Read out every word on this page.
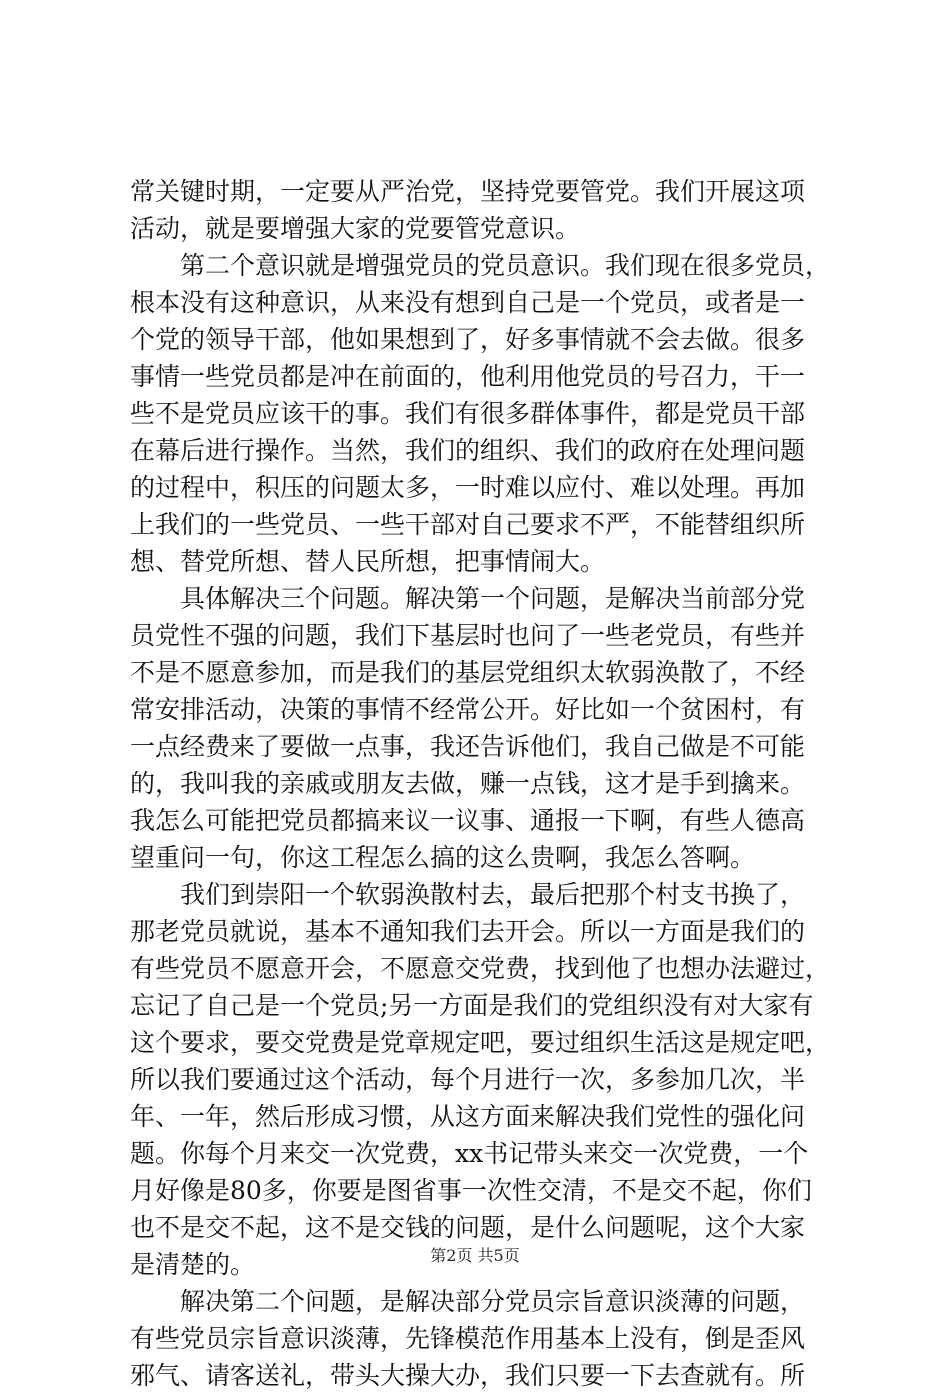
常关键时期，一定要从严治党，坚持党要管党。我们开展这项
活动，就是要增强大家的党要管党意识。
第二个意识就是增强党员的党员意识。我们现在很多党员，
根本没有这种意识，从来没有想到自己是一个党员，或者是一
个党的领导干部，他如果想到了，好多事情就不会去做。很多
事情一些党员都是冲在前面的，他利用他党员的号召力，干一
些不是党员应该干的事。我们有很多群体事件，都是党员干部
在幕后进行操作。当然，我们的组织、我们的政府在处理问题
的过程中，积压的问题太多，一时难以应付、难以处理。再加
上我们的一些党员、一些干部对自己要求不严，不能替组织所
想、替党所想、替人民所想，把事情闹大。
具体解决三个问题。解决第一个问题，是解决当前部分党
员党性不强的问题，我们下基层时也问了一些老党员，有些并
不是不愿意参加，而是我们的基层党组织太软弱涣散了，不经
常安排活动，决策的事情不经常公开。好比如一个贫困村，有
一点经费来了要做一点事，我还告诉他们，我自己做是不可能
的，我叫我的亲戚或朋友去做，赚一点钱，这才是手到擒来。
我怎么可能把党员都搞来议一议事、通报一下啊，有些人德高
望重问一句，你这工程怎么搞的这么贵啊，我怎么答啊。
我们到崇阳一个软弱涣散村去，最后把那个村支书换了，
那老党员就说，基本不通知我们去开会。所以一方面是我们的
有些党员不愿意开会，不愿意交党费，找到他了也想办法避过，
忘记了自己是一个党员;另一方面是我们的党组织没有对大家有
这个要求，要交党费是党章规定吧，要过组织生活这是规定吧，
所以我们要通过这个活动，每个月进行一次，多参加几次，半
年、一年，然后形成习惯，从这方面来解决我们党性的强化问
题。你每个月来交一次党费，xx书记带头来交一次党费，一个
月好像是80多，你要是图省事一次性交清，不是交不起，你们
也不是交不起，这不是交钱的问题，是什么问题呢，这个大家
是清楚的。
解决第二个问题，是解决部分党员宗旨意识淡薄的问题，
有些党员宗旨意识淡薄，先锋模范作用基本上没有，倒是歪风
邪气、请客送礼，带头大操大办，我们只要一下去查就有。所
第2页 共5页
